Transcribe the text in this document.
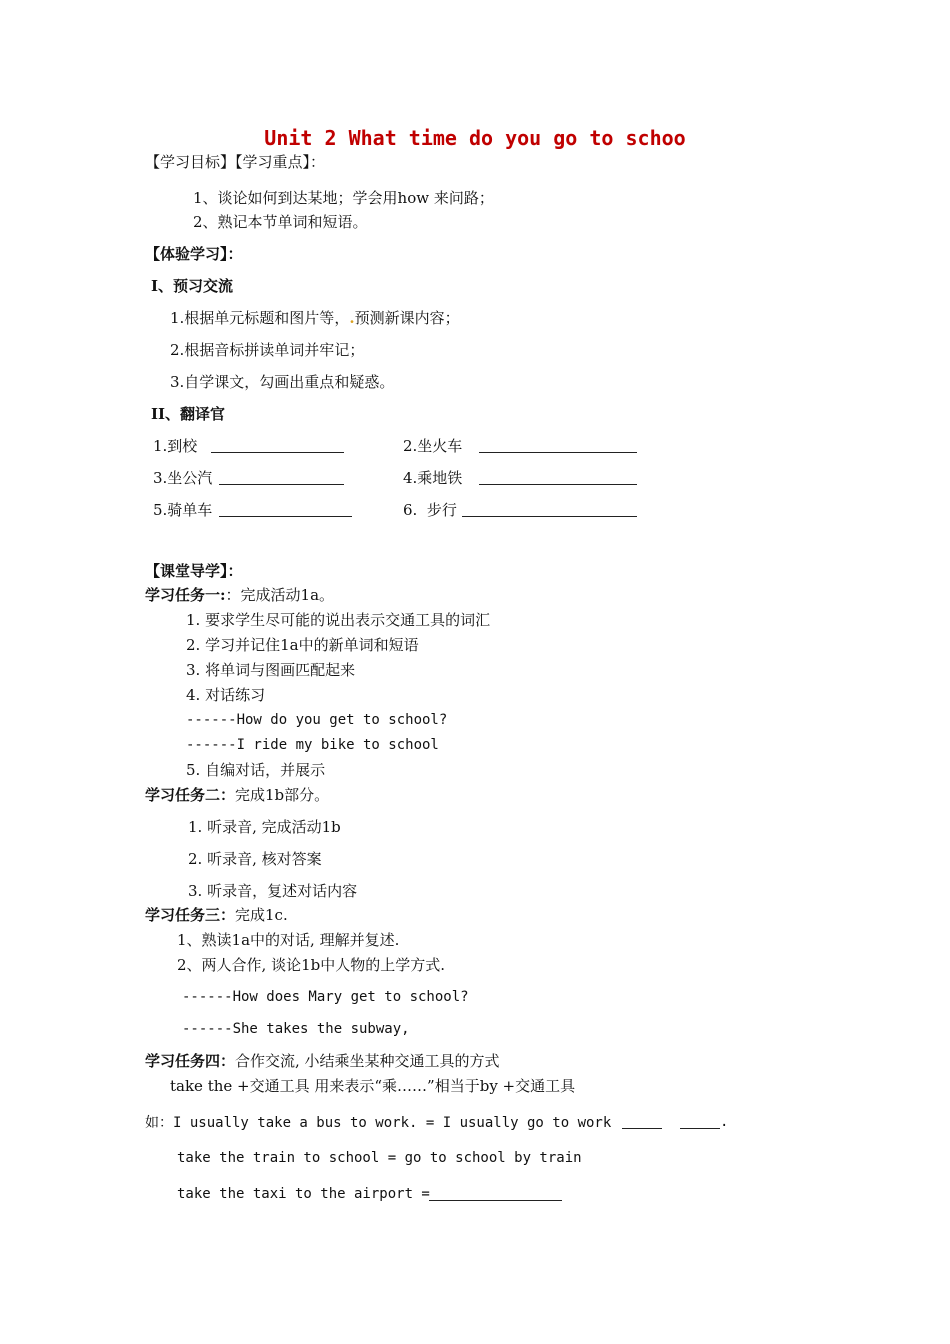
Unit 2 What time do you go to schoo
【学习目标】【学习重点】：
1、谈论如何到达某地；学会用how 来问路；
2、熟记本节单词和短语。
【体验学习】：
I、预习交流
1.根据单元标题和图片等，.预测新课内容；
2.根据音标拼读单词并牢记；
3.自学课文，勾画出重点和疑惑。
II、翻译官
1.到校	2.坐火车
3.坐公汽	4.乘地铁
5.骑单车	6.  步行
【课堂导学】：
学习任务一:：完成活动1a。
1. 要求学生尽可能的说出表示交通工具的词汇
2. 学习并记住1a中的新单词和短语
3. 将单词与图画匹配起来
4. 对话练习
------How do you get to school?
------I ride my bike to school
5. 自编对话，并展示
学习任务二：完成1b部分。
1. 听录音, 完成活动1b
2. 听录音, 核对答案
3. 听录音，复述对话内容
学习任务三：完成1c.
1、熟读1a中的对话, 理解并复述.
2、两人合作, 谈论1b中人物的上学方式.
------How does Mary get to school?
------She takes the subway,
学习任务四：合作交流, 小结乘坐某种交通工具的方式
take the +交通工具 用来表示“乘……”相当于by +交通工具
如：I usually take a bus to work. = I usually go to work	.
take the train to school = go to school by train
take the taxi to the airport =
